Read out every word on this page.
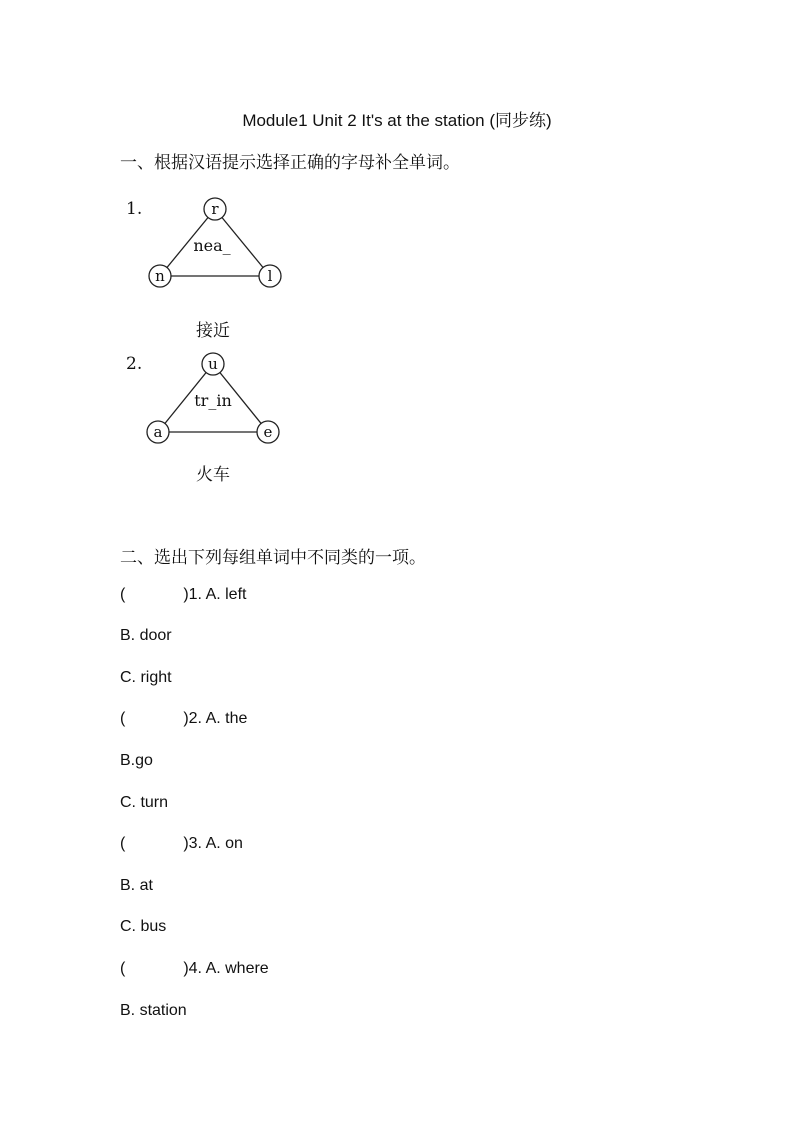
Module1 Unit 2 It's at the station (同步练)
一、根据汉语提示选择正确的字母补全单词。
1.	r
n	l
nea_
接近
2.	u
a	e
tr_in
火车
二、选出下列每组单词中不同类的一项。
(	)1. A. left
B. door
C. right
(	)2. A. the
B.go
C. turn
(	)3. A. on
B. at
C. bus
(	)4. A. where
B. station
